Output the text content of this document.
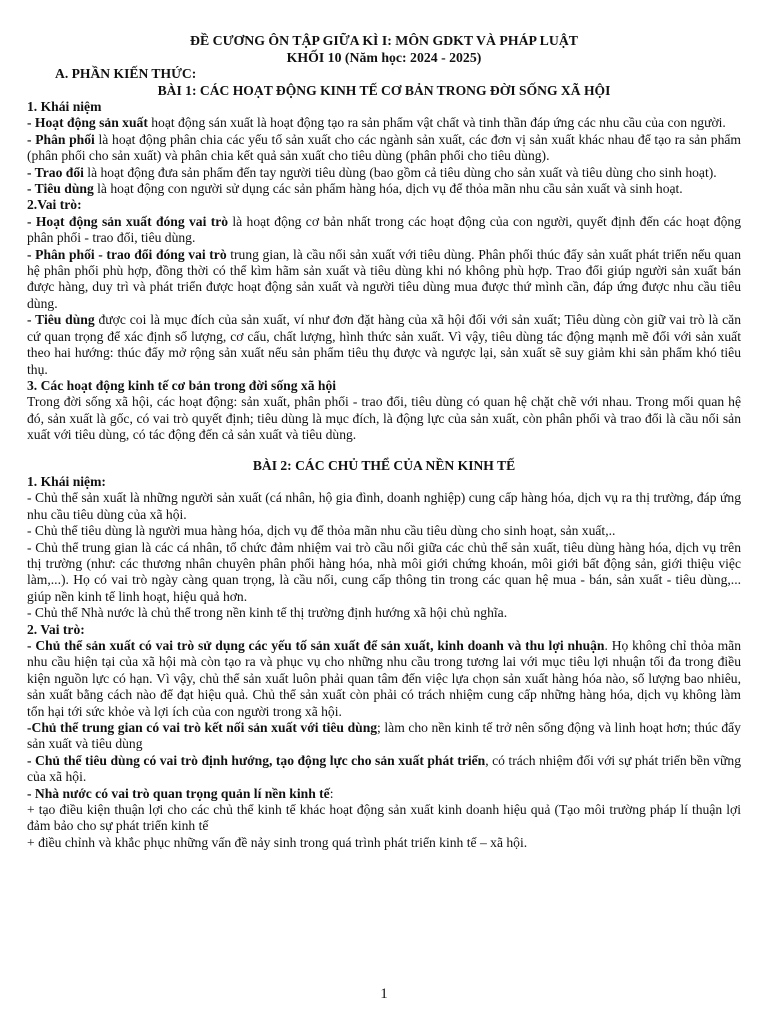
ĐỀ CƯƠNG ÔN TẬP GIỮA KÌ I: MÔN GDKT VÀ PHÁP LUẬT

KHỐI 10 (Năm học: 2024 - 2025)

A. PHẦN KIẾN THỨC:

BÀI 1: CÁC HOẠT ĐỘNG KINH TẾ CƠ BẢN TRONG ĐỜI SỐNG XÃ HỘI

1. Khái niệm

- Hoạt động sản xuất hoạt động sán xuất là hoạt động tạo ra sản phẩm vật chất và tinh thần đáp ứng các nhu cầu của con người.

- Phân phối là hoạt động phân chia các yếu tố sản xuất cho các ngành sản xuất, các đơn vị sản xuất khác nhau để tạo ra sản phẩm (phân phối cho sản xuất) và phân chia kết quả sản xuất cho tiêu dùng (phân phối cho tiêu dùng).

- Trao đổi là hoạt động đưa sản phẩm đến tay người tiêu dùng (bao gồm cả tiêu dùng cho sản xuất và tiêu dùng cho sinh hoạt).

- Tiêu dùng là hoạt động con người sử dụng các sản phẩm hàng hóa, dịch vụ để thỏa mãn nhu cầu sản xuất và sinh hoạt.

2.Vai trò:

- Hoạt động sản xuất đóng vai trò là hoạt động cơ bản nhất trong các hoạt động của con người, quyết định đến các hoạt động phân phối - trao đổi, tiêu dùng.

- Phân phối - trao đổi đóng vai trò trung gian, là cầu nối sản xuất với tiêu dùng. Phân phối thúc đẩy sản xuất phát triển nếu quan hệ phân phối phù hợp, đồng thời có thể kìm hãm sản xuất và tiêu dùng khi nó không phù hợp. Trao đổi giúp người sản xuất bán được hàng, duy trì và phát triển được hoạt động sản xuất và người tiêu dùng mua được thứ mình cần, đáp ứng được nhu cầu tiêu dùng.

- Tiêu dùng được coi là mục đích của sản xuất, ví như đơn đặt hàng của xã hội đối với sản xuất; Tiêu dùng còn giữ vai trò là căn cứ quan trọng để xác định số lượng, cơ cấu, chất lượng, hình thức sản xuất. Vì vậy, tiêu dùng tác động mạnh mẽ đối với sản xuất theo hai hướng: thúc đẩy mở rộng sản xuất nếu sản phẩm tiêu thụ được và ngược lại, sản xuất sẽ suy giảm khi sản phẩm khó tiêu thụ.

3. Các hoạt động kinh tế cơ bản trong đời sống xã hội

Trong đời sống xã hội, các hoạt động: sản xuất, phân phối - trao đổi, tiêu dùng có quan hệ chặt chẽ với nhau. Trong mối quan hệ đó, sản xuất là gốc, có vai trò quyết định; tiêu dùng là mục đích, là động lực của sản xuất, còn phân phối và trao đổi là cầu nối sản xuất với tiêu dùng, có tác động đến cả sản xuất và tiêu dùng.

BÀI 2: CÁC CHỦ THỂ CỦA NỀN KINH TẾ

1. Khái niệm:

- Chủ thể sản xuất là những người sản xuất (cá nhân, hộ gia đình, doanh nghiệp) cung cấp hàng hóa, dịch vụ ra thị trường, đáp ứng nhu cầu tiêu dùng của xã hội.

- Chủ thể tiêu dùng là người mua hàng hóa, dịch vụ để thỏa mãn nhu cầu tiêu dùng cho sinh hoạt, sản xuất,..

- Chủ thể trung gian là các cá nhân, tổ chức đảm nhiệm vai trò cầu nối giữa các chủ thể sản xuất, tiêu dùng hàng hóa, dịch vụ trên thị trường (như: các thương nhân chuyên phân phối hàng hóa, nhà môi giới chứng khoán, môi giới bất động sản, giới thiệu việc làm,...). Họ có vai trò ngày càng quan trọng, là cầu nối, cung cấp thông tin trong các quan hệ mua - bán, sản xuất - tiêu dùng,... giúp nền kinh tế linh hoạt, hiệu quả hơn.

- Chủ thể Nhà nước là chủ thể trong nền kinh tế thị trường định hướng xã hội chủ nghĩa.

2. Vai trò:

- Chủ thể sản xuất có vai trò sử dụng các yếu tố sản xuất để sản xuất, kinh doanh và thu lợi nhuận. Họ không chỉ thỏa mãn nhu cầu hiện tại của xã hội mà còn tạo ra và phục vụ cho những nhu cầu trong tương lai với mục tiêu lợi nhuận tối đa trong điều kiện nguồn lực có hạn. Vì vậy, chủ thể sản xuất luôn phải quan tâm đến việc lựa chọn sản xuất hàng hóa nào, số lượng bao nhiêu, sản xuất bằng cách nào để đạt hiệu quả. Chủ thể sản xuất còn phải có trách nhiệm cung cấp những hàng hóa, dịch vụ không làm tổn hại tới sức khỏe và lợi ích của con người trong xã hội.

-Chủ thể trung gian có vai trò kết nối sản xuất với tiêu dùng; làm cho nền kinh tế trở nên sống động và linh hoạt hơn; thúc đẩy sản xuất và tiêu dùng

- Chủ thể tiêu dùng có vai trò định hướng, tạo động lực cho sản xuất phát triển, có trách nhiệm đối với sự phát triển bền vững của xã hội.

- Nhà nước có vai trò quan trọng quản lí nền kinh tế:

+ tạo điều kiện thuận lợi cho các chủ thể kinh tế khác hoạt động sản xuất kinh doanh hiệu quả (Tạo môi trường pháp lí thuận lợi đảm bảo cho sự phát triển kinh tế

+ điều chỉnh và khắc phục những vấn đề nảy sinh trong quá trình phát triển kinh tế – xã hội.

1
